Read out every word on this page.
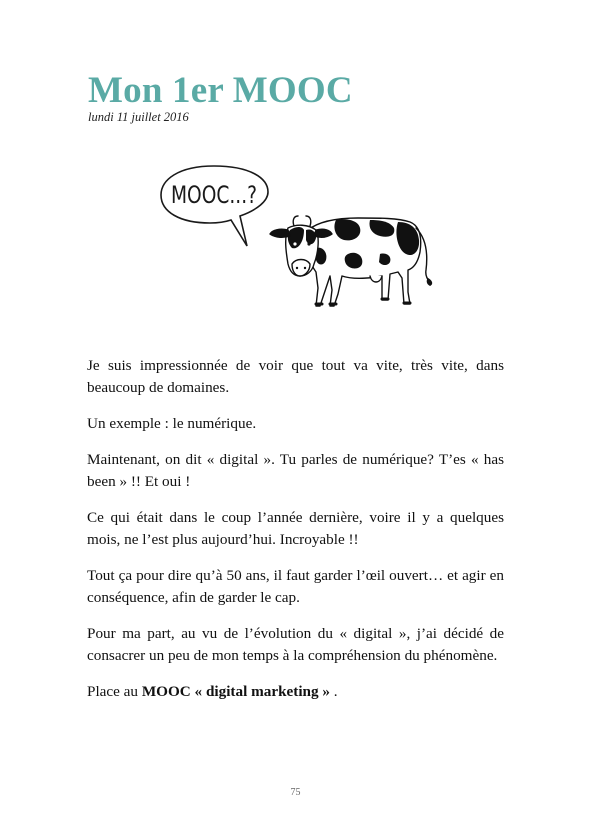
Mon 1er MOOC
lundi 11 juillet 2016
MOOC...?

Je suis impressionnée de voir que tout va vite, très vite, dans beaucoup de domaines.

Un exemple : le numérique.

Maintenant, on dit « digital ». Tu parles de numérique? T’es « has been » !! Et oui !

Ce qui était dans le coup l’année dernière, voire il y a quelques mois, ne l’est plus aujourd’hui. Incroyable !!

Tout ça pour dire qu’à 50 ans, il faut garder l’œil ouvert… et agir en conséquence, afin de garder le cap.

Pour ma part, au vu de l’évolution du « digital », j’ai décidé de consacrer un peu de mon temps à la compréhension du phénomène.

Place au MOOC « digital marketing » .

75
